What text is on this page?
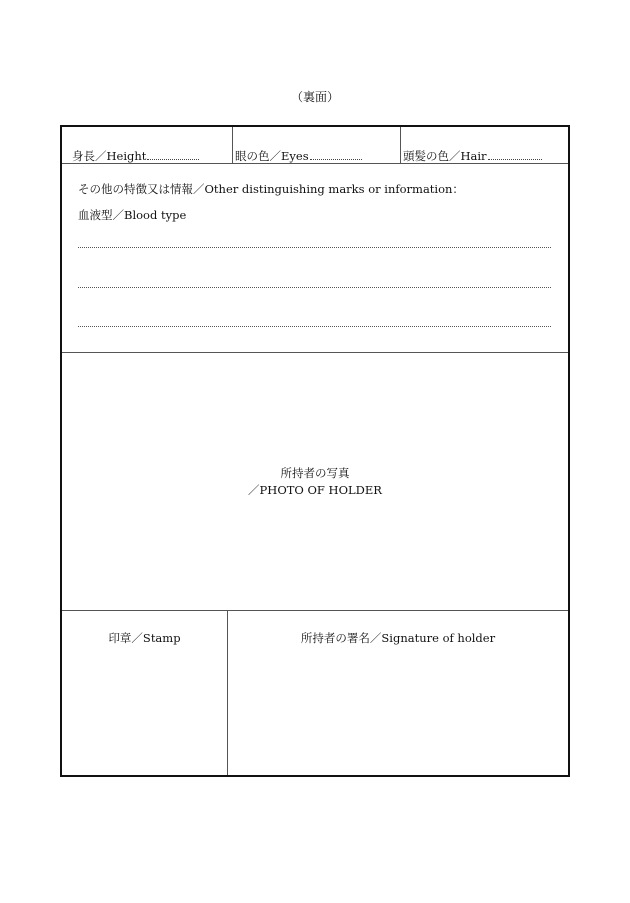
（裏面）
身長／Height	眼の色／Eyes	頭髪の色／Hair
その他の特徴又は情報／Other distinguishing marks or information：
血液型／Blood type
所持者の写真
／PHOTO OF HOLDER
印章／Stamp	所持者の署名／Signature of holder
